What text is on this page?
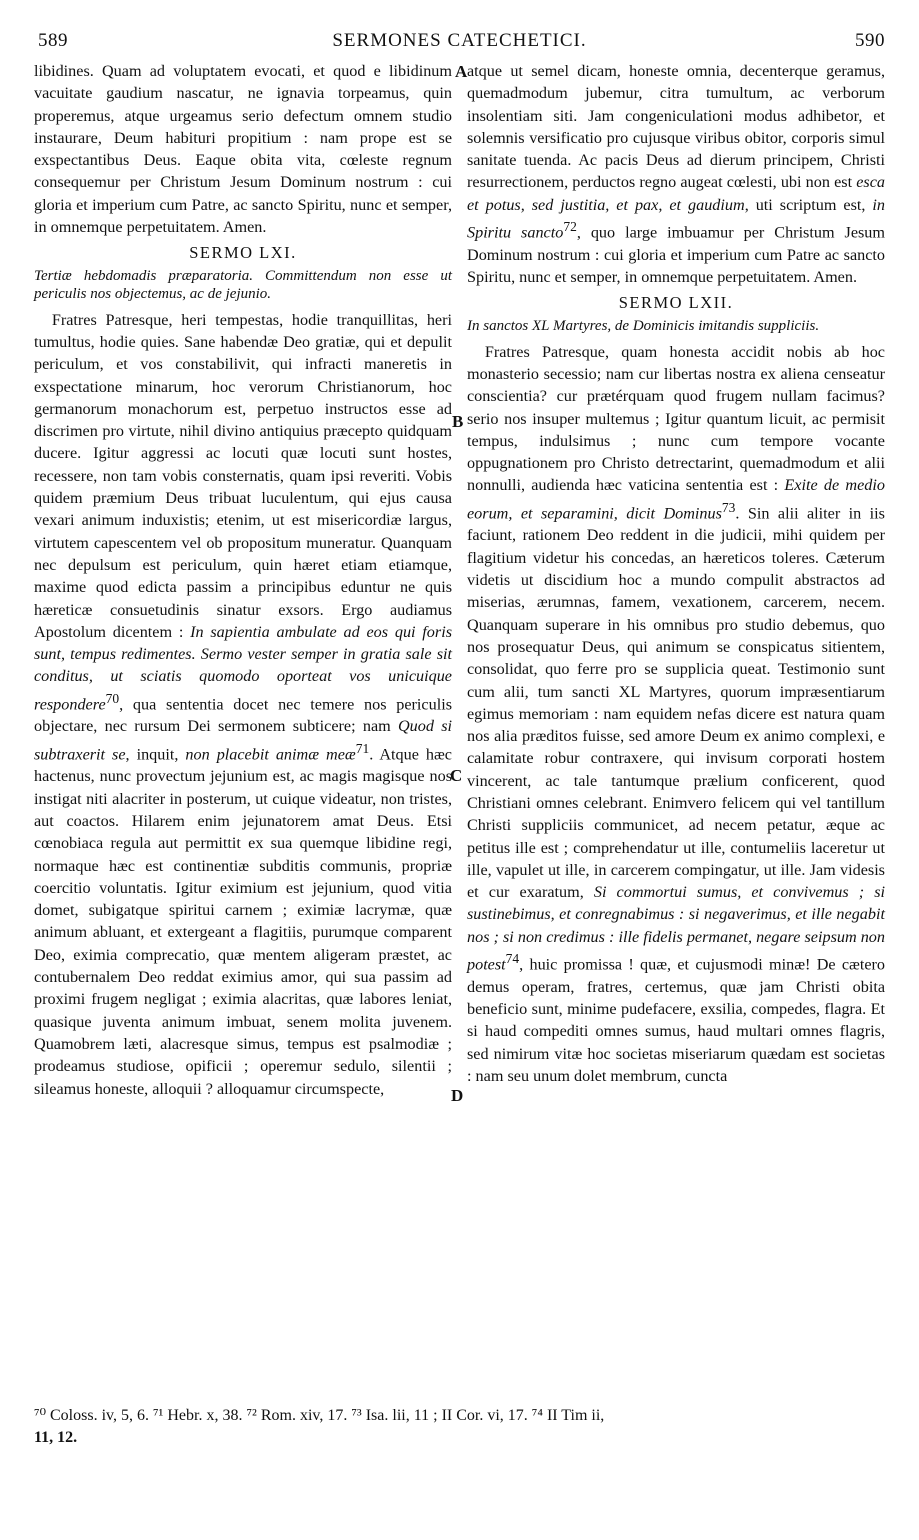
589	SERMONES CATECHETICI.	590
A
B
C
D

libidines. Quam ad voluptatem evocati, et quod e libidinum vacuitate gaudium nascatur, ne ignavia torpeamus, quin properemus, atque urgeamus serio defectum omnem studio instaurare, Deum habituri propitium : nam prope est se exspectantibus Deus. Eaque obita vita, cœleste regnum consequemur per Christum Jesum Dominum nostrum : cui gloria et imperium cum Patre, ac sancto Spiritu, nunc et semper, in omnemque perpetuitatem. Amen.

SERMO LXI.

Tertiæ hebdomadis præparatoria. Committendum non esse ut periculis nos objectemus, ac de jejunio.

Fratres Patresque, heri tempestas, hodie tranquillitas, heri tumultus, hodie quies. Sane habendæ Deo gratiæ, qui et depulit periculum, et vos constabilivit, qui infracti maneretis in exspectatione minarum, hoc verorum Christianorum, hoc germanorum monachorum est, perpetuo instructos esse ad discrimen pro virtute, nihil divino antiquius præcepto quidquam ducere. Igitur aggressi ac locuti quæ locuti sunt hostes, recessere, non tam vobis consternatis, quam ipsi reveriti. Vobis quidem præmium Deus tribuat luculentum, qui ejus causa vexari animum induxistis; etenim, ut est misericordiæ largus, virtutem capescentem vel ob propositum muneratur. Quanquam nec depulsum est periculum, quin hæret etiam etiamque, maxime quod edicta passim a principibus eduntur ne quis hæreticæ consuetudinis sinatur exsors. Ergo audiamus Apostolum dicentem : In sapientia ambulate ad eos qui foris sunt, tempus redimentes. Sermo vester semper in gratia sale sit conditus, ut sciatis quomodo oporteat vos unicuique respondere$^{70}$, qua sententia docet nec temere nos periculis objectare, nec rursum Dei sermonem subticere; nam Quod si subtraxerit se, inquit, non placebit animæ meæ$^{71}$. Atque hæc hactenus, nunc provectum jejunium est, ac magis magisque nos instigat niti alacriter in posterum, ut cuique videatur, non tristes, aut coactos. Hilarem enim jejunatorem amat Deus. Etsi cœnobiaca regula aut permittit ex sua quemque libidine regi, normaque hæc est continentiæ subditis communis, propriæ coercitio voluntatis. Igitur eximium est jejunium, quod vitia domet, subigatque spiritui carnem ; eximiæ lacrymæ, quæ animum abluant, et extergeant a flagitiis, purumque comparent Deo, eximia comprecatio, quæ mentem aligeram præstet, ac contubernalem Deo reddat eximius amor, qui sua passim ad proximi frugem negligat ; eximia alacritas, quæ labores leniat, quasique juventa animum imbuat, senem molita juvenem. Quamobrem læti, alacresque simus, tempus est psalmodiæ ; prodeamus studiose, opificii ; operemur sedulo, silentii ; sileamus honeste, alloquii ? alloquamur circumspecte,

atque ut semel dicam, honeste omnia, decenterque geramus, quemadmodum jubemur, citra tumultum, ac verborum insolentiam siti. Jam congeniculationi modus adhibetor, et solemnis versificatio pro cujusque viribus obitor, corporis simul sanitate tuenda. Ac pacis Deus ad dierum principem, Christi resurrectionem, perductos regno augeat cœlesti, ubi non est esca et potus, sed justitia, et pax, et gaudium, uti scriptum est, in Spiritu sancto$^{72}$, quo large imbuamur per Christum Jesum Dominum nostrum : cui gloria et imperium cum Patre ac sancto Spiritu, nunc et semper, in omnemque perpetuitatem. Amen.

SERMO LXII.

In sanctos XL Martyres, de Dominicis imitandis suppliciis.

Fratres Patresque, quam honesta accidit nobis ab hoc monasterio secessio; nam cur libertas nostra ex aliena censeatur conscientia? cur prætérquam quod frugem nullam facimus? serio nos insuper multemus ; Igitur quantum licuit, ac permisit tempus, indulsimus ; nunc cum tempore vocante oppugnationem pro Christo detrectarint, quemadmodum et alii nonnulli, audienda hæc vaticina sententia est : Exite de medio eorum, et separamini, dicit Dominus$^{73}$. Sin alii aliter in iis faciunt, rationem Deo reddent in die judicii, mihi quidem per flagitium videtur his concedas, an hæreticos toleres. Cæterum videtis ut discidium hoc a mundo compulit abstractos ad miserias, ærumnas, famem, vexationem, carcerem, necem. Quanquam superare in his omnibus pro studio debemus, quo nos prosequatur Deus, qui animum se conspicatus sitientem, consolidat, quo ferre pro se supplicia queat. Testimonio sunt cum alii, tum sancti XL Martyres, quorum impræsentiarum egimus memoriam : nam equidem nefas dicere est natura quam nos alia præditos fuisse, sed amore Deum ex animo complexi, e calamitate robur contraxere, qui invisum corporati hostem vincerent, ac tale tantumque prælium conficerent, quod Christiani omnes celebrant. Enimvero felicem qui vel tantillum Christi suppliciis communicet, ad necem petatur, æque ac petitus ille est ; comprehendatur ut ille, contumeliis laceretur ut ille, vapulet ut ille, in carcerem compingatur, ut ille. Jam videsis et cur exaratum, Si commortui sumus, et convivemus ; si sustinebimus, et conregnabimus : si negaverimus, et ille negabit nos ; si non credimus : ille fidelis permanet, negare seipsum non potest$^{74}$, huic promissa ! quæ, et cujusmodi minæ! De cætero demus operam, fratres, certemus, quæ jam Christi obita beneficio sunt, minime pudefacere, exsilia, compedes, flagra. Et si haud compediti omnes sumus, haud multari omnes flagris, sed nimirum vitæ hoc societas miseriarum quædam est societas : nam seu unum dolet membrum, cuncta

⁷⁰ Coloss. iv, 5, 6. ⁷¹ Hebr. x, 38. ⁷² Rom. xiv, 17. ⁷³ Isa. lii, 11 ; II Cor. vi, 17. ⁷⁴ II Tim ii,
11, 12.
